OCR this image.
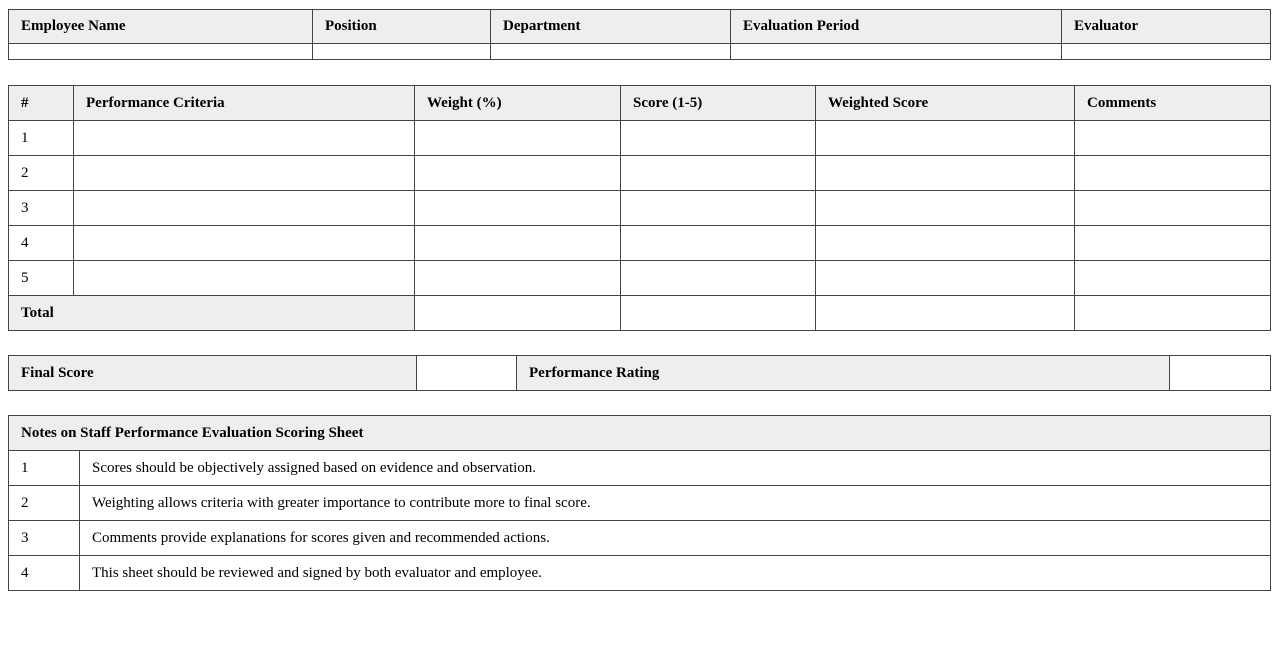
Employee Name	Position	Department	Evaluation Period	Evaluator

#	Performance Criteria	Weight (%)	Score (1-5)	Weighted Score	Comments
1					
2					
3					
4					
5					
Total					
Final Score		Performance Rating	
Notes on Staff Performance Evaluation Scoring Sheet	
1	Scores should be objectively assigned based on evidence and observation.
2	Weighting allows criteria with greater importance to contribute more to final score.
3	Comments provide explanations for scores given and recommended actions.
4	This sheet should be reviewed and signed by both evaluator and employee.
